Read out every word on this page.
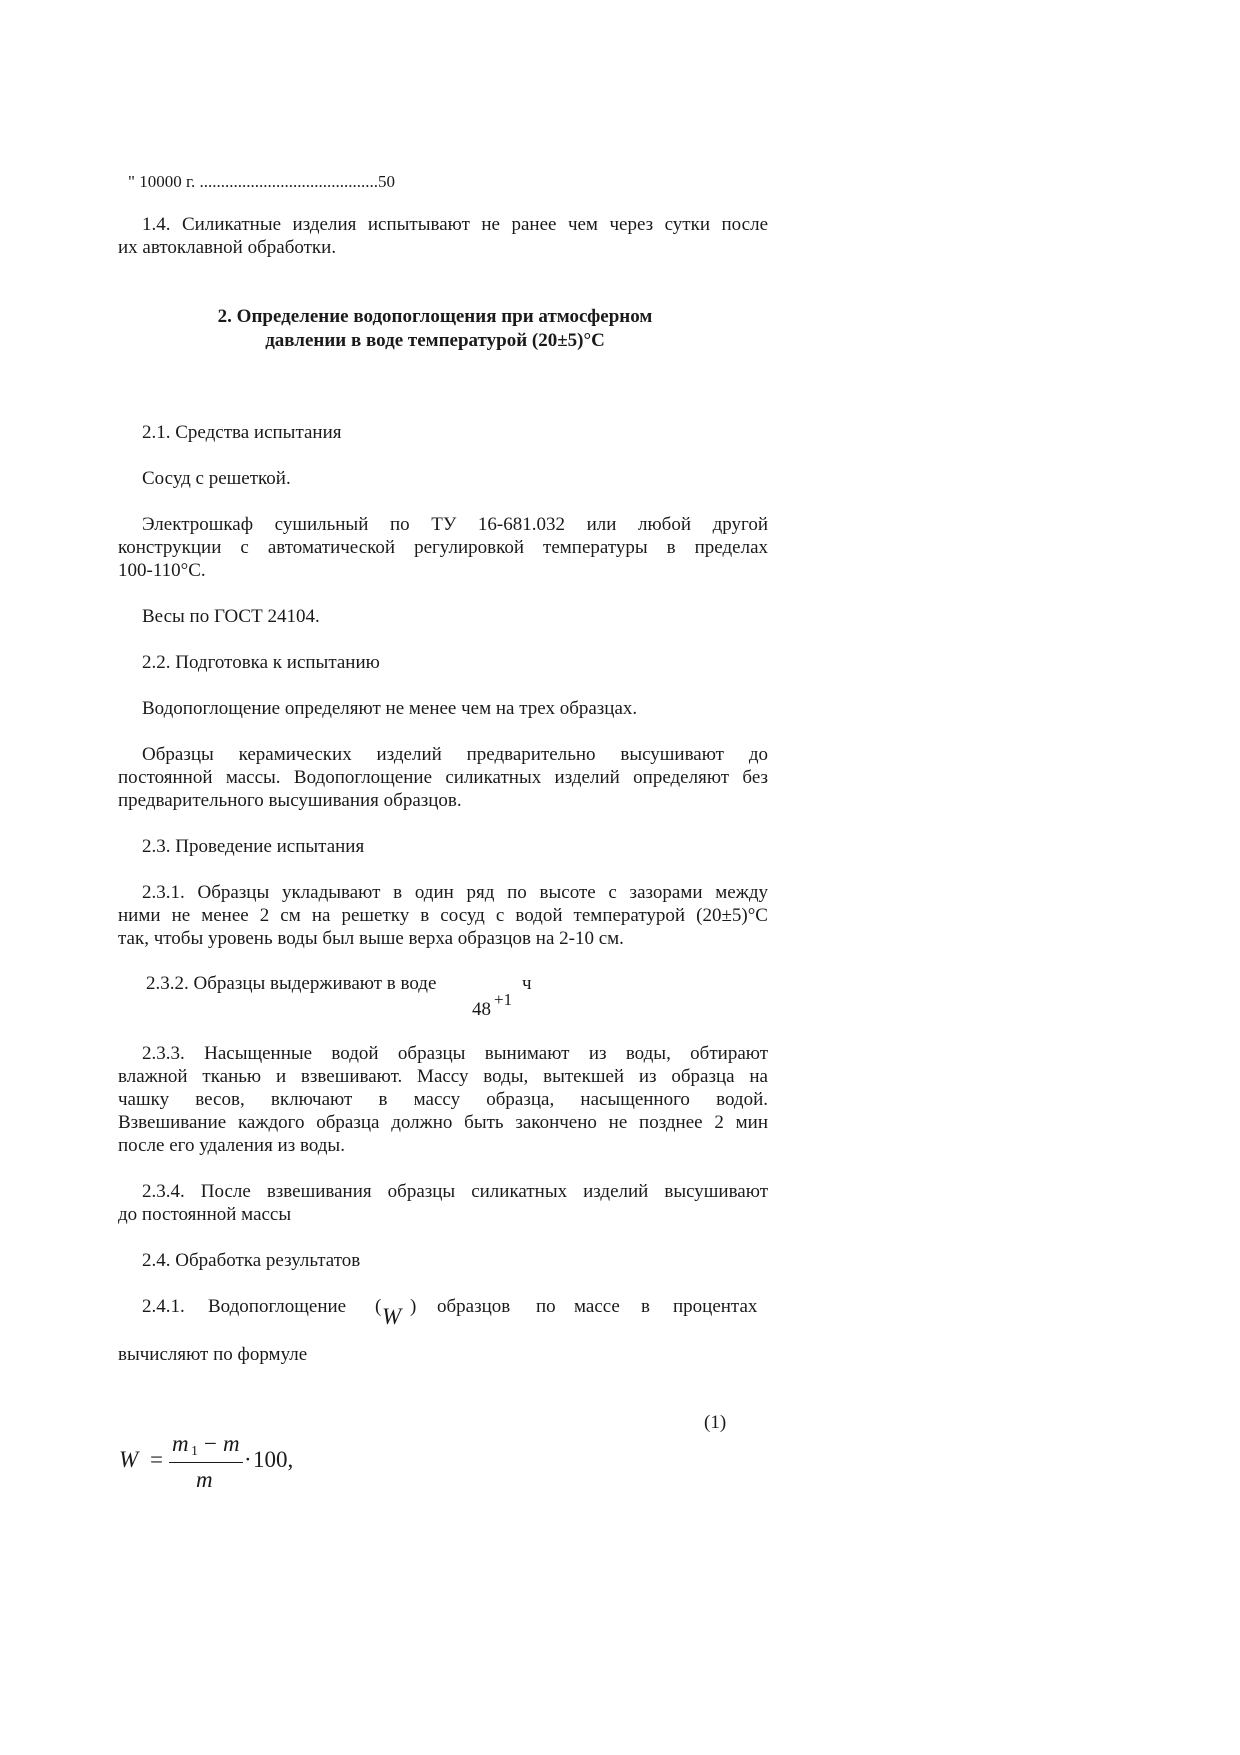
" 10000 г. ..........................................50
1.4. Силикатные изделия испытывают не ранее чем через сутки после
их автоклавной обработки.
2. Определение водопоглощения при атмосферном
давлении в воде температурой (20±5)°С
2.1. Средства испытания
Сосуд с решеткой.
Электрошкаф сушильный по ТУ 16-681.032 или любой другой
конструкции с автоматической регулировкой температуры в пределах
100-110°С.
Весы по ГОСТ 24104.
2.2. Подготовка к испытанию
Водопоглощение определяют не менее чем на трех образцах.
Образцы керамических изделий предварительно высушивают до
постоянной массы. Водопоглощение силикатных изделий определяют без
предварительного высушивания образцов.
2.3. Проведение испытания
2.3.1. Образцы укладывают в один ряд по высоте с зазорами между
ними не менее 2 см на решетку в сосуд с водой температурой (20±5)°С
так, чтобы уровень воды был выше верха образцов на 2-10 см.
2.3.2. Образцы выдерживают в воде	ч
48 +1
2.3.3. Насыщенные водой образцы вынимают из воды, обтирают
влажной тканью и взвешивают. Массу воды, вытекшей из образца на
чашку весов, включают в массу образца, насыщенного водой.
Взвешивание каждого образца должно быть закончено не позднее 2 мин
после его удаления из воды.
2.3.4. После взвешивания образцы силикатных изделий высушивают
до постоянной массы
2.4. Обработка результатов
2.4.1. Водопоглощение ( W ) образцов по массе в процентах
вычисляют по формуле
(1)
W =
m 1 − m
m
· 100,
